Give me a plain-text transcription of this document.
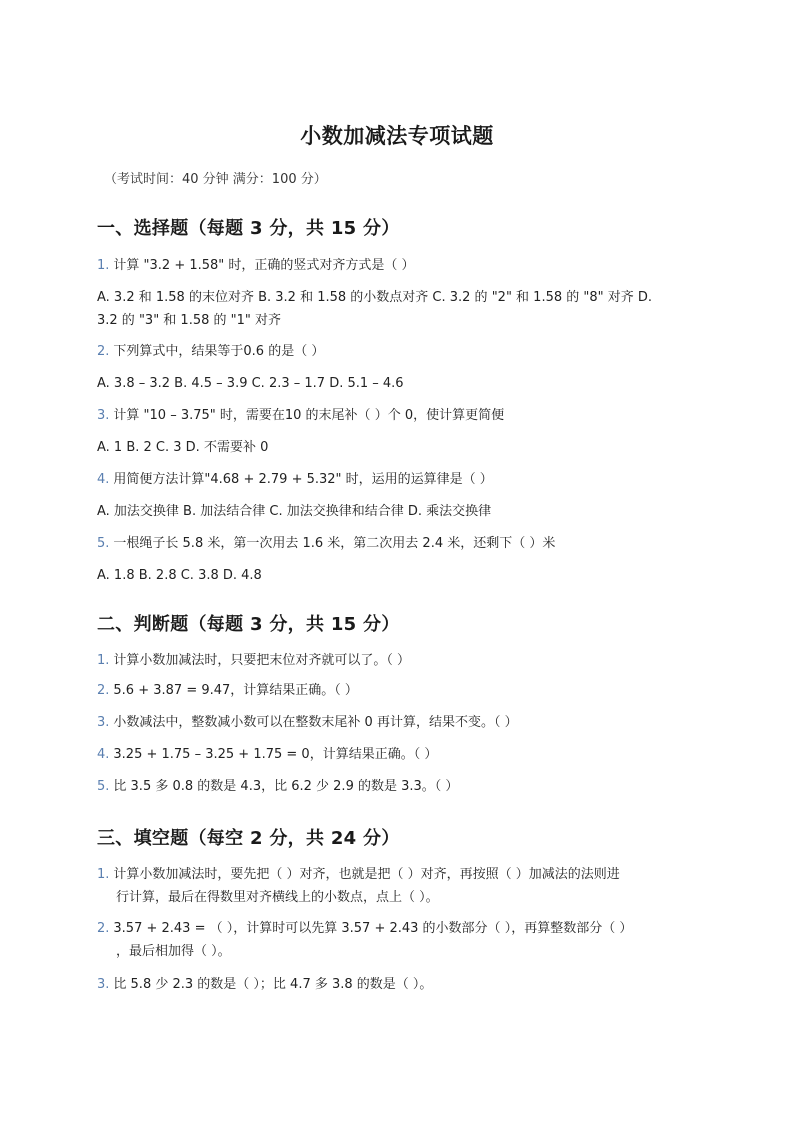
小数加减法专项试题
（考试时间：40 分钟 满分：100 分）
一、选择题（每题 3 分，共 15 分）
1. 计算 "3.2 + 1.58" 时，正确的竖式对齐方式是（ ）
A. 3.2 和 1.58 的末位对齐 B. 3.2 和 1.58 的小数点对齐 C. 3.2 的 "2" 和 1.58 的 "8" 对齐 D.
3.2 的 "3" 和 1.58 的 "1" 对齐
2. 下列算式中，结果等于0.6 的是（ ）
A. 3.8 – 3.2 B. 4.5 – 3.9 C. 2.3 – 1.7 D. 5.1 – 4.6
3. 计算 "10 – 3.75" 时，需要在10 的末尾补（ ）个 0，使计算更简便
A. 1 B. 2 C. 3 D. 不需要补 0
4. 用简便方法计算"4.68 + 2.79 + 5.32" 时，运用的运算律是（ ）
A. 加法交换律 B. 加法结合律 C. 加法交换律和结合律 D. 乘法交换律
5. 一根绳子长 5.8 米，第一次用去 1.6 米，第二次用去 2.4 米，还剩下（ ）米
A. 1.8 B. 2.8 C. 3.8 D. 4.8
二、判断题（每题 3 分，共 15 分）
1. 计算小数加减法时，只要把末位对齐就可以了。（ ）
2. 5.6 + 3.87 = 9.47，计算结果正确。（ ）
3. 小数减法中，整数减小数可以在整数末尾补 0 再计算，结果不变。（ ）
4. 3.25 + 1.75 – 3.25 + 1.75 = 0，计算结果正确。（ ）
5. 比 3.5 多 0.8 的数是 4.3，比 6.2 少 2.9 的数是 3.3。（ ）
三、填空题（每空 2 分，共 24 分）
1. 计算小数加减法时，要先把（ ）对齐，也就是把（ ）对齐，再按照（ ）加减法的法则进
行计算，最后在得数里对齐横线上的小数点，点上（ ）。
2. 3.57 + 2.43 = （ ），计算时可以先算 3.57 + 2.43 的小数部分（ ），再算整数部分（ ）
，最后相加得（ ）。
3. 比 5.8 少 2.3 的数是（ ）；比 4.7 多 3.8 的数是（ ）。
